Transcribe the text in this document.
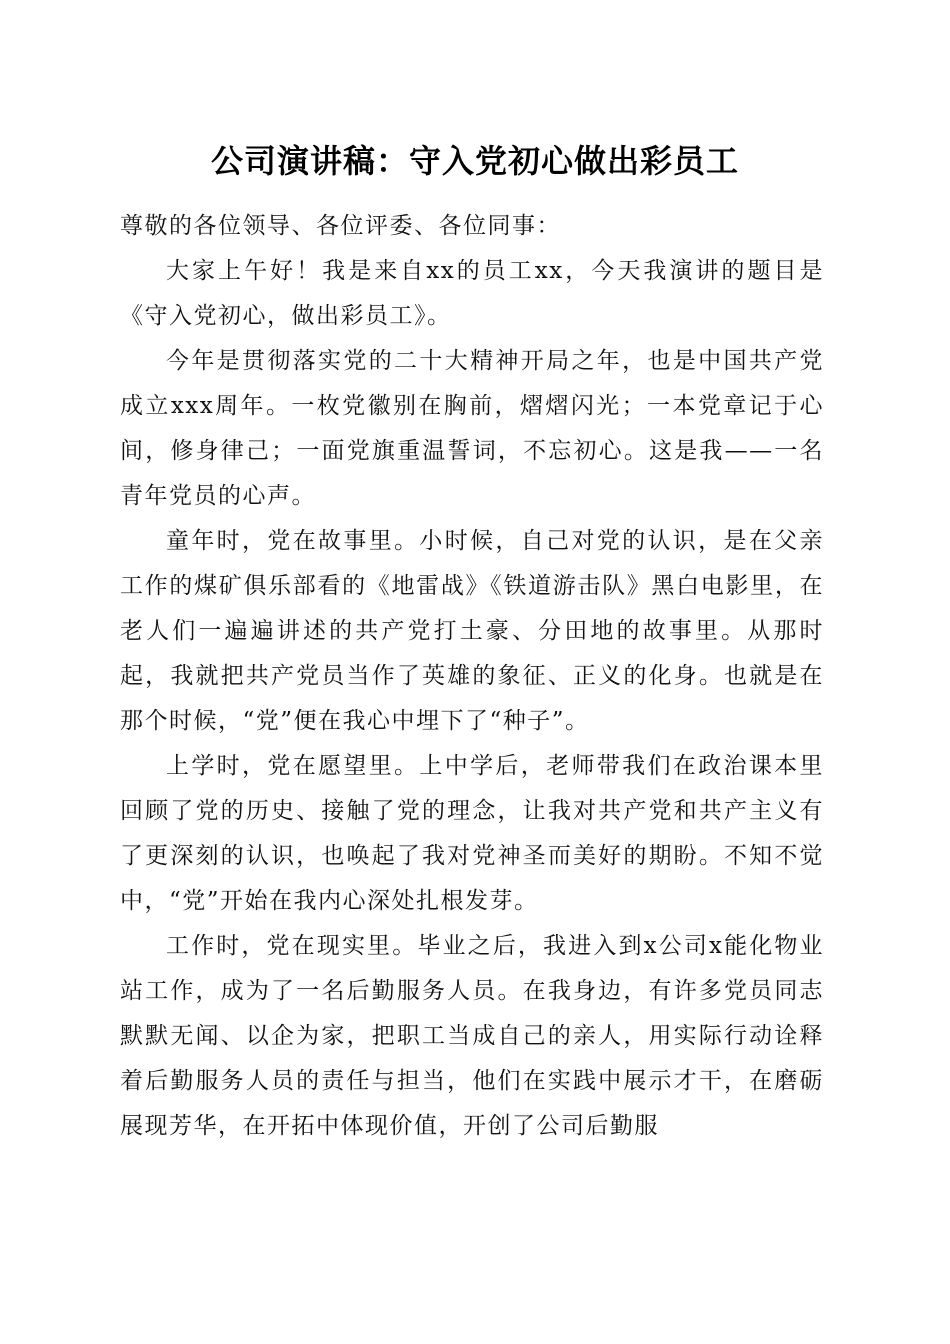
公司演讲稿：守入党初心做出彩员工

尊敬的各位领导、各位评委、各位同事：

大家上午好！我是来自xx的员工xx，今天我演讲的题目是《守入党初心，做出彩员工》。

今年是贯彻落实党的二十大精神开局之年，也是中国共产党成立xxx周年。一枚党徽别在胸前，熠熠闪光；一本党章记于心间，修身律己；一面党旗重温誓词，不忘初心。这是我——一名青年党员的心声。

童年时，党在故事里。小时候，自己对党的认识，是在父亲工作的煤矿俱乐部看的《地雷战》《铁道游击队》黑白电影里，在老人们一遍遍讲述的共产党打土豪、分田地的故事里。从那时起，我就把共产党员当作了英雄的象征、正义的化身。也就是在那个时候，“党”便在我心中埋下了“种子”。

上学时，党在愿望里。上中学后，老师带我们在政治课本里回顾了党的历史、接触了党的理念，让我对共产党和共产主义有了更深刻的认识，也唤起了我对党神圣而美好的期盼。不知不觉中，“党”开始在我内心深处扎根发芽。

工作时，党在现实里。毕业之后，我进入到x公司x能化物业站工作，成为了一名后勤服务人员。在我身边，有许多党员同志默默无闻、以企为家，把职工当成自己的亲人，用实际行动诠释着后勤服务人员的责任与担当，他们在实践中展示才干，在磨砺展现芳华，在开拓中体现价值，开创了公司后勤服
